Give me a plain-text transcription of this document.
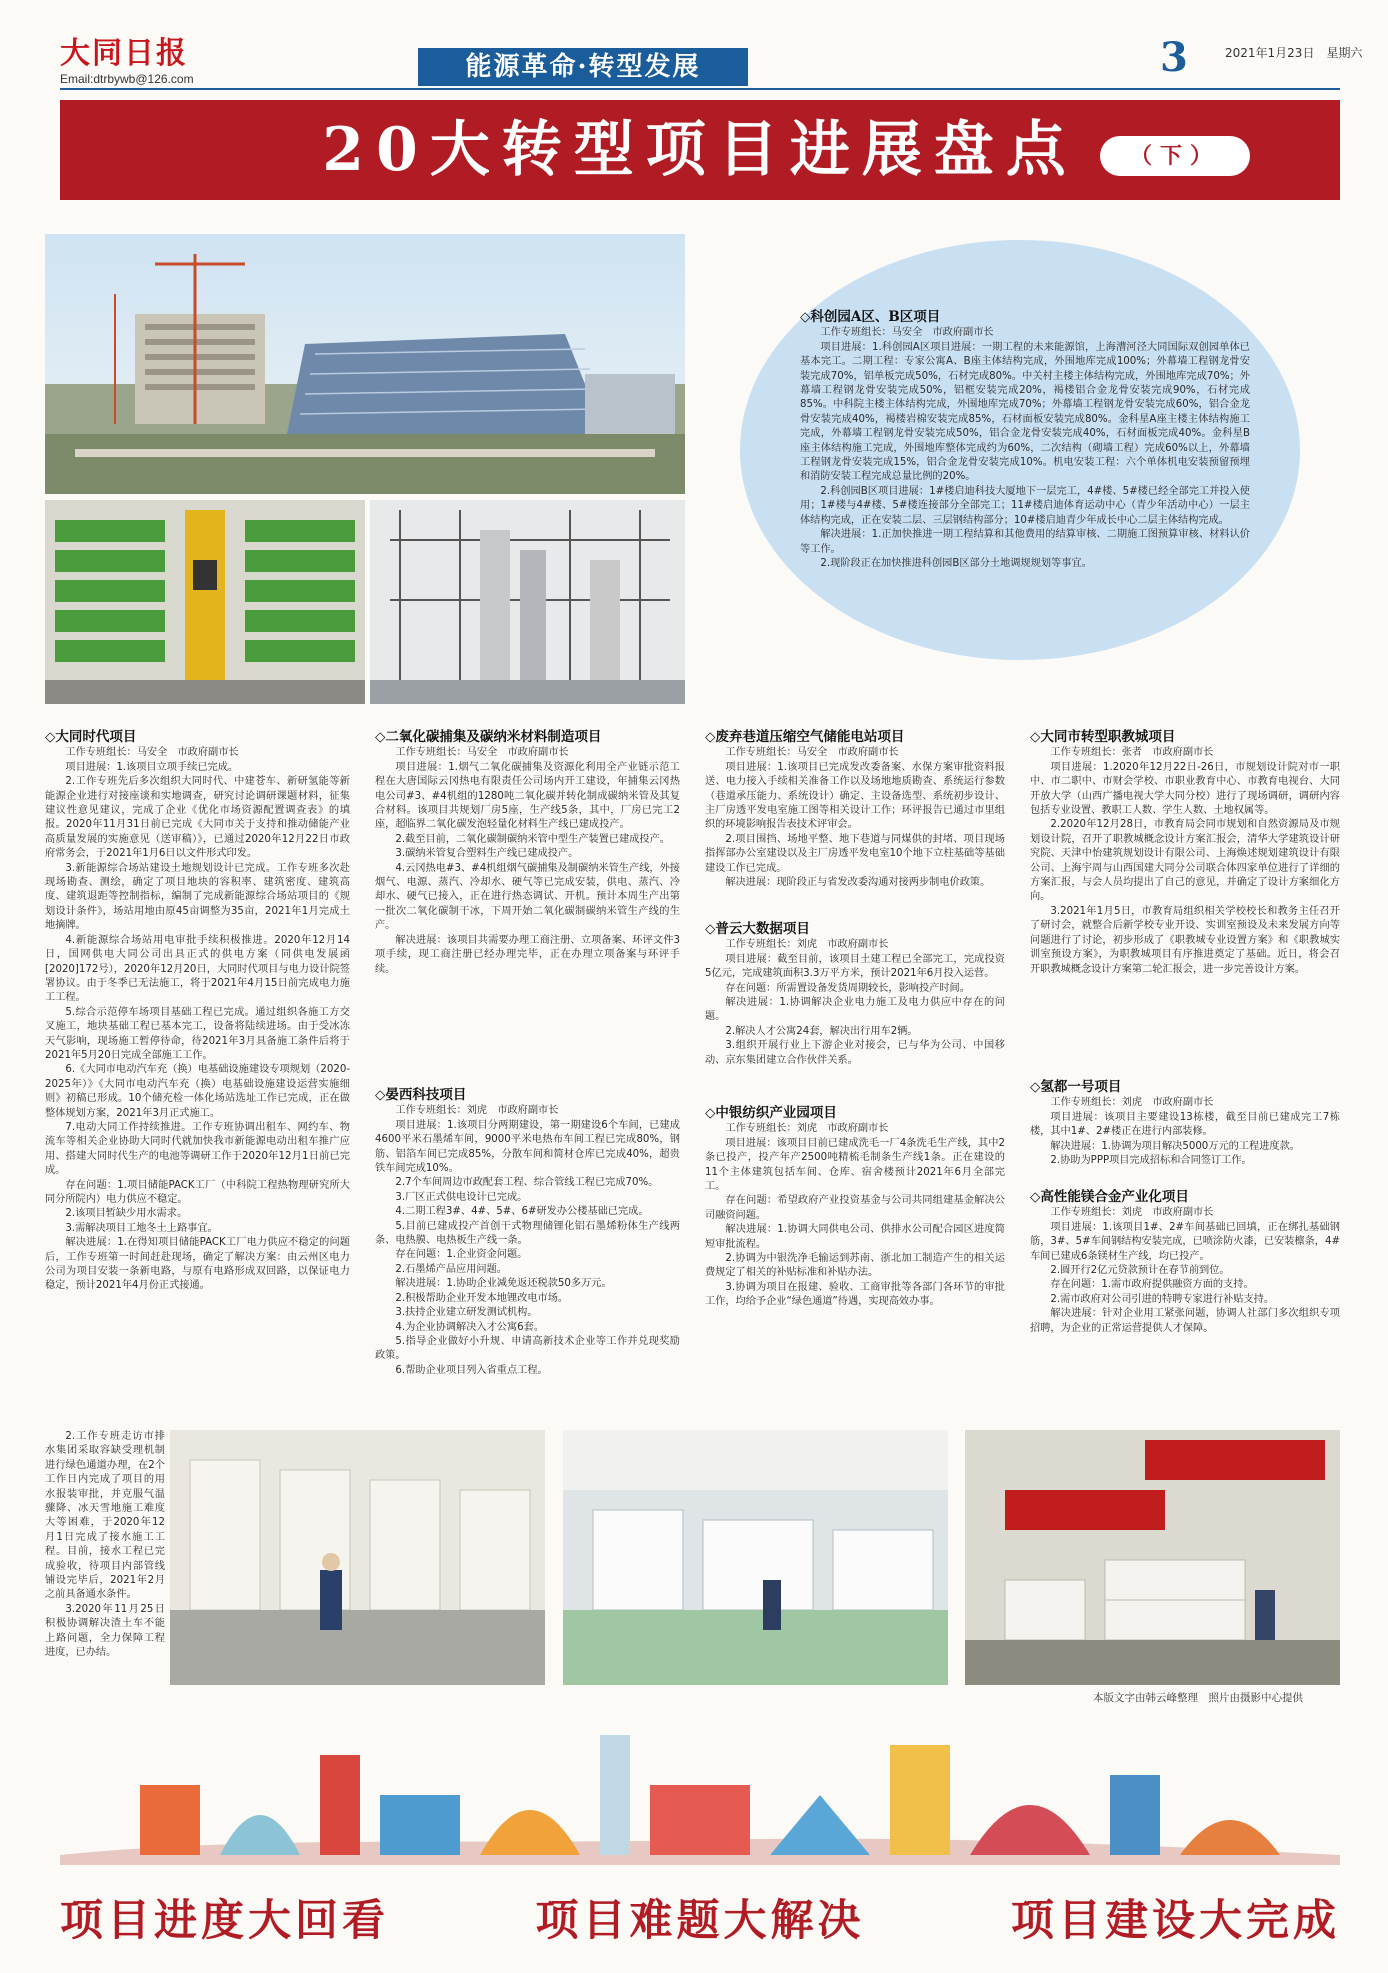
大同日报
Email:dtrbywb@126.com	能源革命·转型发展	3	2021年1月23日　星期六
20大转型项目进展盘点	（下）
◇科创园A区、B区项目

工作专班组长：马安全　市政府副市长

项目进展：1.科创园A区项目进展：一期工程的未来能源馆，上海漕河泾大同国际双创园单体已基本完工。二期工程：专家公寓A、B座主体结构完成，外围地库完成100%；外幕墙工程钢龙骨安装完成70%，铝单板完成50%，石材完成80%。中关村主楼主体结构完成，外围地库完成70%；外幕墙工程钢龙骨安装完成50%，铝框安装完成20%，褐楼铝合金龙骨安装完成90%，石材完成85%。中科院主楼主体结构完成，外围地库完成70%；外幕墙工程钢龙骨安装完成60%，铝合金龙骨安装完成40%，褐楼岩棉安装完成85%，石材面板安装完成80%。金科星A座主楼主体结构施工完成，外幕墙工程钢龙骨安装完成50%，铝合金龙骨安装完成40%，石材面板完成40%。金科星B座主体结构施工完成，外围地库整体完成约为60%，二次结构（砌墙工程）完成60%以上，外幕墙工程钢龙骨安装完成15%，铝合金龙骨安装完成10%。机电安装工程：六个单体机电安装预留预埋和消防安装工程完成总量比例的20%。

2.科创园B区项目进展：1#楼启迪科技大厦地下一层完工，4#楼、5#楼已经全部完工并投入使用；1#楼与4#楼、5#楼连接部分全部完工；11#楼启迪体育运动中心（青少年活动中心）一层主体结构完成，正在安装二层、三层钢结构部分；10#楼启迪青少年成长中心二层主体结构完成。

解决进展：1.正加快推进一期工程结算和其他费用的结算审核、二期施工图预算审核、材料认价等工作。

2.现阶段正在加快推进科创园B区部分土地调规规划等事宜。

◇大同时代项目

工作专班组长：马安全　市政府副市长

项目进展：1.该项目立项手续已完成。

2.工作专班先后多次组织大同时代、中建苍车、新研氢能等新能源企业进行对接座谈和实地调查，研究讨论调研课题材料，征集建议性意见建议，完成了企业《优化市场资源配置调查表》的填报。2020年11月31日前已完成《大同市关于支持和推动储能产业高质量发展的实施意见（送审稿）》，已通过2020年12月22日市政府常务会，于2021年1月6日以文件形式印发。

3.新能源综合场站建设土地规划设计已完成。工作专班多次赴现场勘查、测绘，确定了项目地块的容积率、建筑密度、建筑高度、建筑退距等控制指标，编制了完成新能源综合场站项目的《规划设计条件》，场站用地由原45亩调整为35亩，2021年1月完成土地摘牌。

4.新能源综合场站用电审批手续积极推进。2020年12月14日，国网供电大同公司出具正式的供电方案（同供电发展函[2020]172号），2020年12月20日，大同时代项目与电力设计院签署协议。由于冬季已无法施工，将于2021年4月15日前完成电力施工工程。

5.综合示范停车场项目基础工程已完成。通过组织各施工方交叉施工，地块基础工程已基本完工，设备将陆续进场。由于受冰冻天气影响，现场施工暂停待命，待2021年3月具备施工条件后将于2021年5月20日完成全部施工工作。

6.《大同市电动汽车充（换）电基础设施建设专项规划（2020-2025年）》《大同市电动汽车充（换）电基础设施建设运营实施细则》初稿已形成。10个储充检一体化场站选址工作已完成，正在做整体规划方案，2021年3月正式施工。

7.电动大同工作持续推进。工作专班协调出租车、网约车、物流车等相关企业协助大同时代就加快我市新能源电动出租车推广应用、搭建大同时代生产的电池等调研工作于2020年12月1日前已完成。

存在问题：1.项目储能PACK工厂（中科院工程热物理研究所大同分所院内）电力供应不稳定。

2.该项目暂缺少用水需求。

3.需解决项目工地冬土上路事宜。

解决进展：1.在得知项目储能PACK工厂电力供应不稳定的问题后，工作专班第一时间赶赴现场，确定了解决方案：由云州区电力公司为项目安装一条新电路，与原有电路形成双回路，以保证电力稳定，预计2021年4月份正式接通。

2.工作专班走访市排水集团采取容缺受理机制进行绿色通道办理，在2个工作日内完成了项目的用水报装审批，并克服气温骤降、冰天雪地施工难度大等困难，于2020年12月1日完成了接水施工工程。目前，接水工程已完成验收，待项目内部管线铺设完毕后，2021年2月之前具备通水条件。

3.2020年11月25日积极协调解决渣土车不能上路问题，全力保障工程进度，已办结。

◇二氧化碳捕集及碳纳米材料制造项目

工作专班组长：马安全　市政府副市长

项目进展：1.烟气二氧化碳捕集及资源化利用全产业链示范工程在大唐国际云冈热电有限责任公司场内开工建设，年捕集云冈热电公司#3、#4机组的1280吨二氧化碳并转化制成碳纳米管及其复合材料。该项目共规划厂房5座，生产线5条，其中，厂房已完工2座，超临界二氧化碳发泡轻量化材料生产线已建成投产。

2.截至目前，二氧化碳制碳纳米管中型生产装置已建成投产。

3.碳纳米管复合塑料生产线已建成投产。

4.云冈热电#3、#4机组烟气碳捕集及制碳纳米管生产线，外接烟气、电源、蒸汽、冷却水、硬气等已完成安装，供电、蒸汽、冷却水、硬气已接入，正在进行热态调试、开机。预计本周生产出第一批次二氧化碳制干冰，下周开始二氧化碳制碳纳米管生产线的生产。

解决进展：该项目共需要办理工商注册、立项备案、环评文件3项手续，现工商注册已经办理完毕，正在办理立项备案与环评手续。

◇晏西科技项目

工作专班组长：刘虎　市政府副市长

项目进展：1.该项目分两期建设，第一期建设6个车间，已建成4600平米石墨烯车间，9000平米电热布车间工程已完成80%，钢筋、铝箔车间已完成85%，分散车间和简材仓库已完成40%，超贵铁车间完成10%。

2.7个车间周边市政配套工程、综合管线工程已完成70%。

3.厂区正式供电设计已完成。

4.二期工程3#、4#、5#、6#研发办公楼基础已完成。

5.目前已建成投产首创干式物理储锂化铝石墨烯粉体生产线两条、电热膜、电热板生产线一条。

存在问题：1.企业资金问题。

2.石墨烯产品应用问题。

解决进展：1.协助企业减免返还税款50多万元。

2.积极帮助企业开发本地锂改电市场。

3.扶持企业建立研发测试机构。

4.为企业协调解决入才公寓6套。

5.指导企业做好小升规、申请高新技术企业等工作并兑现奖励政策。

6.帮助企业项目列入省重点工程。

◇废弃巷道压缩空气储能电站项目

工作专班组长：马安全　市政府副市长

项目进展：1.该项目已完成发改委备案、水保方案审批资料报送、电力接入手续相关准备工作以及场地地质勘查、系统运行参数（巷道承压能力、系统设计）确定、主设备选型、系统初步设计、主厂房透平发电室施工图等相关设计工作；环评报告已通过市里组织的环境影响报告表技术评审会。

2.项目围挡、场地平整、地下巷道与同煤供的封堵、项目现场指挥部办公室建设以及主厂房透平发电室10个地下立柱基础等基础建设工作已完成。

解决进展：现阶段正与省发改委沟通对接两步制电价政策。

◇普云大数据项目

工作专班组长：刘虎　市政府副市长

项目进展：截至目前，该项目土建工程已全部完工，完成投资5亿元，完成建筑面积3.3万平方米，预计2021年6月投入运营。

存在问题：所需置设备发货周期较长，影响投产时间。

解决进展：1.协调解决企业电力施工及电力供应中存在的问题。

2.解决人才公寓24套，解决出行用车2辆。

3.组织开展行业上下游企业对接会，已与华为公司、中国移动、京东集团建立合作伙伴关系。

◇中银纺织产业园项目

工作专班组长：刘虎　市政府副市长

项目进展：该项目目前已建成洗毛一厂4条洗毛生产线，其中2条已投产，投产年产2500吨精梳毛制条生产线1条。正在建设的11个主体建筑包括车间、仓库、宿舍楼预计2021年6月全部完工。

存在问题：希望政府产业投资基金与公司共同组建基金解决公司融资问题。

解决进展：1.协调大同供电公司、供排水公司配合园区进度简短审批流程。

2.协调为中银洗净毛输运到苏南、浙北加工制造产生的相关运费规定了相关的补贴标准和补贴办法。

3.协调为项目在报建、验收、工商审批等各部门各环节的审批工作，均给予企业“绿色通道”待遇，实现高效办事。

◇大同市转型职教城项目

工作专班组长：张者　市政府副市长

项目进展：1.2020年12月22日-26日，市规划设计院对市一职中、市二职中、市财会学校、市职业教育中心、市教育电视台、大同开放大学（山西广播电视大学大同分校）进行了现场调研，调研内容包括专业设置、教职工人数、学生人数、土地权属等。

2.2020年12月28日，市教育局会同市规划和自然资源局及市规划设计院，召开了职教城概念设计方案汇报会，清华大学建筑设计研究院、天津中怡建筑规划设计有限公司、上海焕述规划建筑设计有限公司、上海宇周与山西国建大同分公司联合体四家单位进行了详细的方案汇报，与会人员均提出了自己的意见，并确定了设计方案细化方向。

3.2021年1月5日，市教育局组织相关学校校长和教务主任召开了研讨会，就整合后新学校专业开设、实训室预设及未来发展方向等问题进行了讨论，初步形成了《职教城专业设置方案》和《职教城实训室预设方案》，为职教城项目有序推进奠定了基础。近日，将会召开职教城概念设计方案第二轮汇报会，进一步完善设计方案。

◇氢都一号项目

工作专班组长：刘虎　市政府副市长

项目进展：该项目主要建设13栋楼，截至目前已建成完工7栋楼，其中1#、2#楼正在进行内部装修。

解决进展：1.协调为项目解决5000万元的工程进度款。

2.协助为PPP项目完成招标和合同签订工作。

◇高性能镁合金产业化项目

工作专班组长：刘虎　市政府副市长

项目进展：1.该项目1#、2#车间基础已回填，正在绑扎基础钢筋，3#、5#车间钢结构安装完成，已喷涂防火漆，已安装檩条，4#车间已建成6条镁材生产线，均已投产。

2.圆开行2亿元贷款预计在春节前到位。

存在问题：1.需市政府提供融资方面的支持。

2.需市政府对公司引进的特聘专家进行补贴支持。

解决进展：针对企业用工紧张问题，协调人社部门多次组织专项招聘，为企业的正常运营提供人才保障。

本版文字由韩云峰整理　照片由摄影中心提供
项目进度大回看	项目难题大解决	项目建设大完成
